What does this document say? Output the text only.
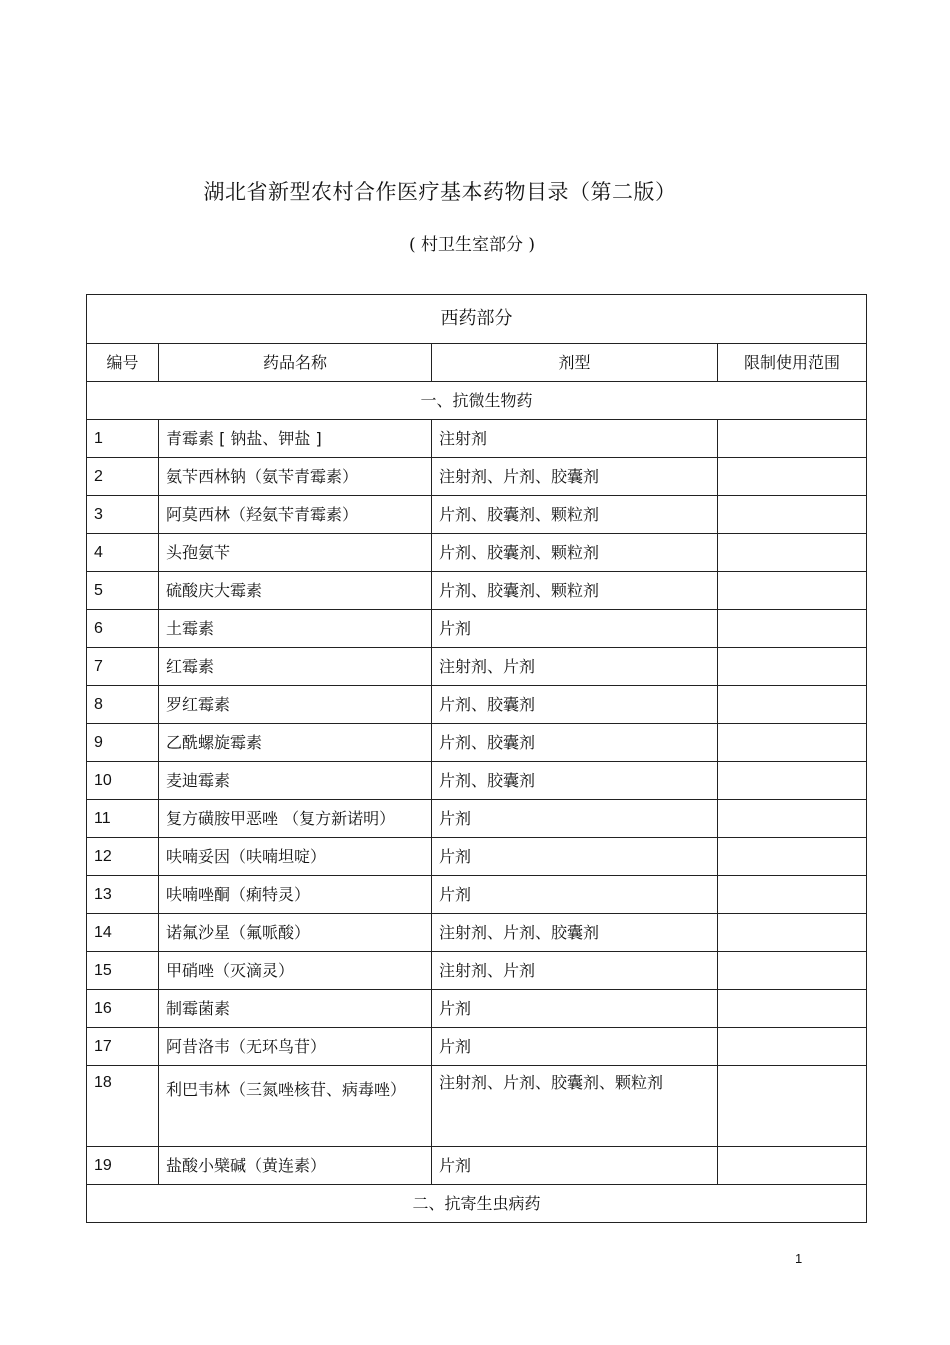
湖北省新型农村合作医疗基本药物目录（第二版）
( 村卫生室部分 )
西药部分			
编号	药品名称	剂型	限制使用范围
一、抗微生物药			
1	青霉素 [ 钠盐、钾盐 ]	注射剂	
2	氨苄西林钠（氨苄青霉素）	注射剂、片剂、胶囊剂	
3	阿莫西林（羟氨苄青霉素）	片剂、胶囊剂、颗粒剂	
4	头孢氨苄	片剂、胶囊剂、颗粒剂	
5	硫酸庆大霉素	片剂、胶囊剂、颗粒剂	
6	土霉素	片剂	
7	红霉素	注射剂、片剂	
8	罗红霉素	片剂、胶囊剂	
9	乙酰螺旋霉素	片剂、胶囊剂	
10	麦迪霉素	片剂、胶囊剂	
11	复方磺胺甲恶唑 （复方新诺明）	片剂	
12	呋喃妥因（呋喃坦啶）	片剂	
13	呋喃唑酮（痢特灵）	片剂	
14	诺氟沙星（氟哌酸）	注射剂、片剂、胶囊剂	
15	甲硝唑（灭滴灵）	注射剂、片剂	
16	制霉菌素	片剂	
17	阿昔洛韦（无环鸟苷）	片剂	
18	利巴韦林（三氮唑核苷、病毒唑）	注射剂、片剂、胶囊剂、颗粒剂	
19	盐酸小檗碱（黄连素）	片剂	
二、抗寄生虫病药			
1
